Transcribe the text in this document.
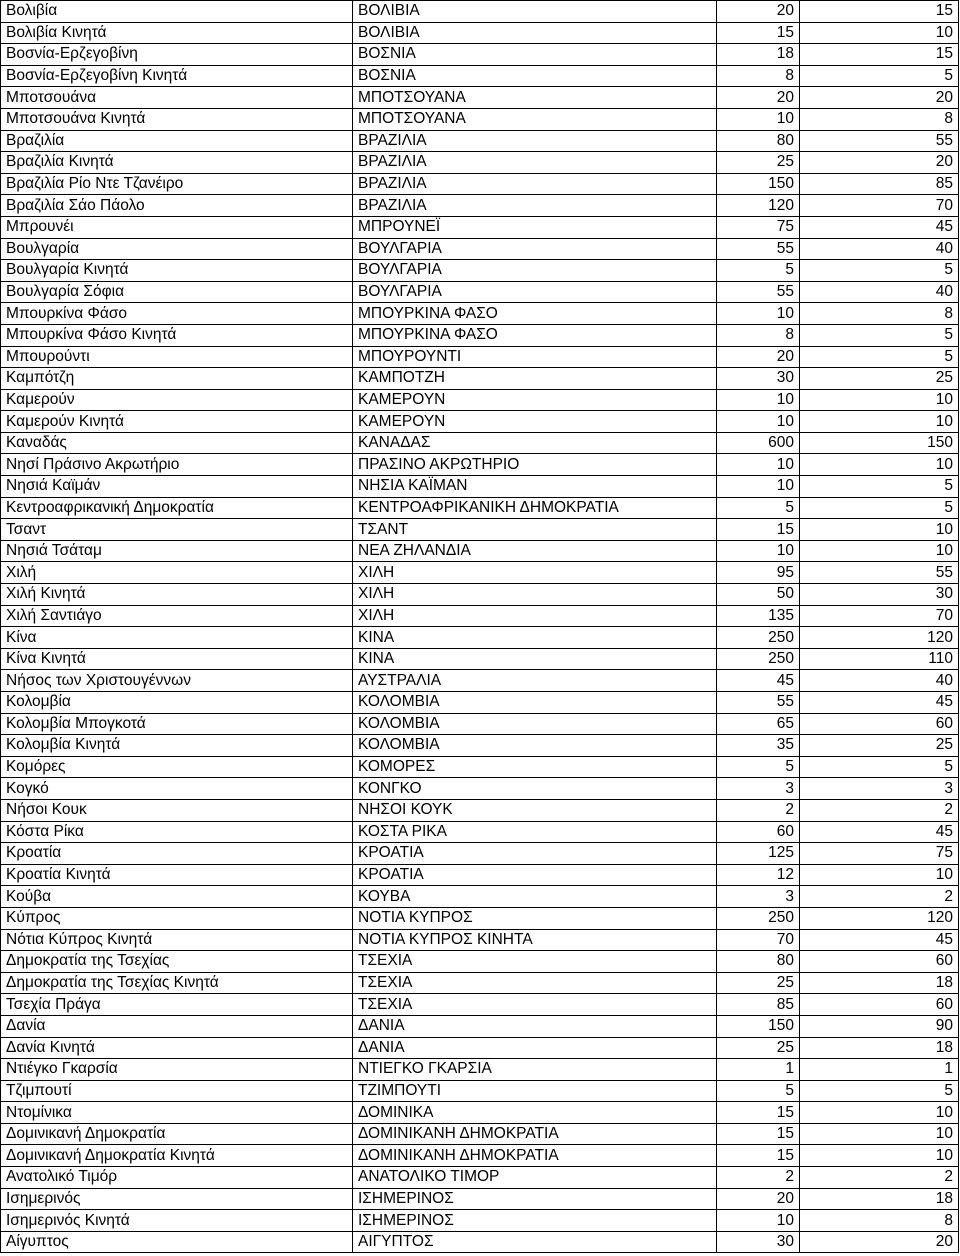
Βολιβία	ΒΟΛΙΒΙΑ	20	15
Βολιβία Κινητά	ΒΟΛΙΒΙΑ	15	10
Βοσνία-Ερζεγοβίνη	ΒΟΣΝΙΑ	18	15
Βοσνία-Ερζεγοβίνη Κινητά	ΒΟΣΝΙΑ	8	5
Μποτσουάνα	ΜΠΟΤΣΟΥΑΝΑ	20	20
Μποτσουάνα Κινητά	ΜΠΟΤΣΟΥΑΝΑ	10	8
Βραζιλία	ΒΡΑΖΙΛΙΑ	80	55
Βραζιλία Κινητά	ΒΡΑΖΙΛΙΑ	25	20
Βραζιλία Ρίο Ντε Τζανέιρο	ΒΡΑΖΙΛΙΑ	150	85
Βραζιλία Σάο Πάολο	ΒΡΑΖΙΛΙΑ	120	70
Μπρουνέι	ΜΠΡΟΥΝΕΪ	75	45
Βουλγαρία	ΒΟΥΛΓΑΡΙΑ	55	40
Βουλγαρία Κινητά	ΒΟΥΛΓΑΡΙΑ	5	5
Βουλγαρία Σόφια	ΒΟΥΛΓΑΡΙΑ	55	40
Μπουρκίνα Φάσο	ΜΠΟΥΡΚΙΝΑ ΦΑΣΟ	10	8
Μπουρκίνα Φάσο Κινητά	ΜΠΟΥΡΚΙΝΑ ΦΑΣΟ	8	5
Μπουρούντι	ΜΠΟΥΡΟΥΝΤΙ	20	5
Καμπότζη	ΚΑΜΠΟΤΖΗ	30	25
Καμερούν	ΚΑΜΕΡΟΥΝ	10	10
Καμερούν Κινητά	ΚΑΜΕΡΟΥΝ	10	10
Καναδάς	ΚΑΝΑΔΑΣ	600	150
Νησί Πράσινο Ακρωτήριο	ΠΡΑΣΙΝΟ ΑΚΡΩΤΗΡΙΟ	10	10
Νησιά Καϊμάν	ΝΗΣΙΑ ΚΑΪΜΑΝ	10	5
Κεντροαφρικανική Δημοκρατία	ΚΕΝΤΡΟΑΦΡΙΚΑΝΙΚΗ ΔΗΜΟΚΡΑΤΙΑ	5	5
Τσαντ	ΤΣΑΝΤ	15	10
Νησιά Τσάταμ	ΝΕΑ ΖΗΛΑΝΔΙΑ	10	10
Χιλή	ΧΙΛΗ	95	55
Χιλή Κινητά	ΧΙΛΗ	50	30
Χιλή Σαντιάγο	ΧΙΛΗ	135	70
Κίνα	ΚΙΝΑ	250	120
Κίνα Κινητά	ΚΙΝΑ	250	110
Νήσος των Χριστουγέννων	ΑΥΣΤΡΑΛΙΑ	45	40
Κολομβία	ΚΟΛΟΜΒΙΑ	55	45
Κολομβία Μπογκοτά	ΚΟΛΟΜΒΙΑ	65	60
Κολομβία Κινητά	ΚΟΛΟΜΒΙΑ	35	25
Κομόρες	ΚΟΜΟΡΕΣ	5	5
Κογκό	ΚΟΝΓΚΟ	3	3
Νήσοι Κουκ	ΝΗΣΟΙ ΚΟΥΚ	2	2
Κόστα Ρίκα	ΚΟΣΤΑ ΡΙΚΑ	60	45
Κροατία	ΚΡΟΑΤΙΑ	125	75
Κροατία Κινητά	ΚΡΟΑΤΙΑ	12	10
Κούβα	ΚΟΥΒΑ	3	2
Κύπρος	ΝΟΤΙΑ ΚΥΠΡΟΣ	250	120
Νότια Κύπρος Κινητά	ΝΟΤΙΑ ΚΥΠΡΟΣ ΚΙΝΗΤΑ	70	45
Δημοκρατία της Τσεχίας	ΤΣΕΧΙΑ	80	60
Δημοκρατία της Τσεχίας Κινητά	ΤΣΕΧΙΑ	25	18
Τσεχία Πράγα	ΤΣΕΧΙΑ	85	60
Δανία	ΔΑΝΙΑ	150	90
Δανία Κινητά	ΔΑΝΙΑ	25	18
Ντιέγκο Γκαρσία	ΝΤΙΕΓΚΟ ΓΚΑΡΣΙΑ	1	1
Τζιμπουτί	ΤΖΙΜΠΟΥΤΙ	5	5
Ντομίνικα	ΔΟΜΙΝΙΚΑ	15	10
Δομινικανή Δημοκρατία	ΔΟΜΙΝΙΚΑΝΗ ΔΗΜΟΚΡΑΤΙΑ	15	10
Δομινικανή Δημοκρατία Κινητά	ΔΟΜΙΝΙΚΑΝΗ ΔΗΜΟΚΡΑΤΙΑ	15	10
Ανατολικό Τιμόρ	ΑΝΑΤΟΛΙΚΟ ΤΙΜΟΡ	2	2
Ισημερινός	ΙΣΗΜΕΡΙΝΟΣ	20	18
Ισημερινός Κινητά	ΙΣΗΜΕΡΙΝΟΣ	10	8
Αίγυπτος	ΑΙΓΥΠΤΟΣ	30	20
